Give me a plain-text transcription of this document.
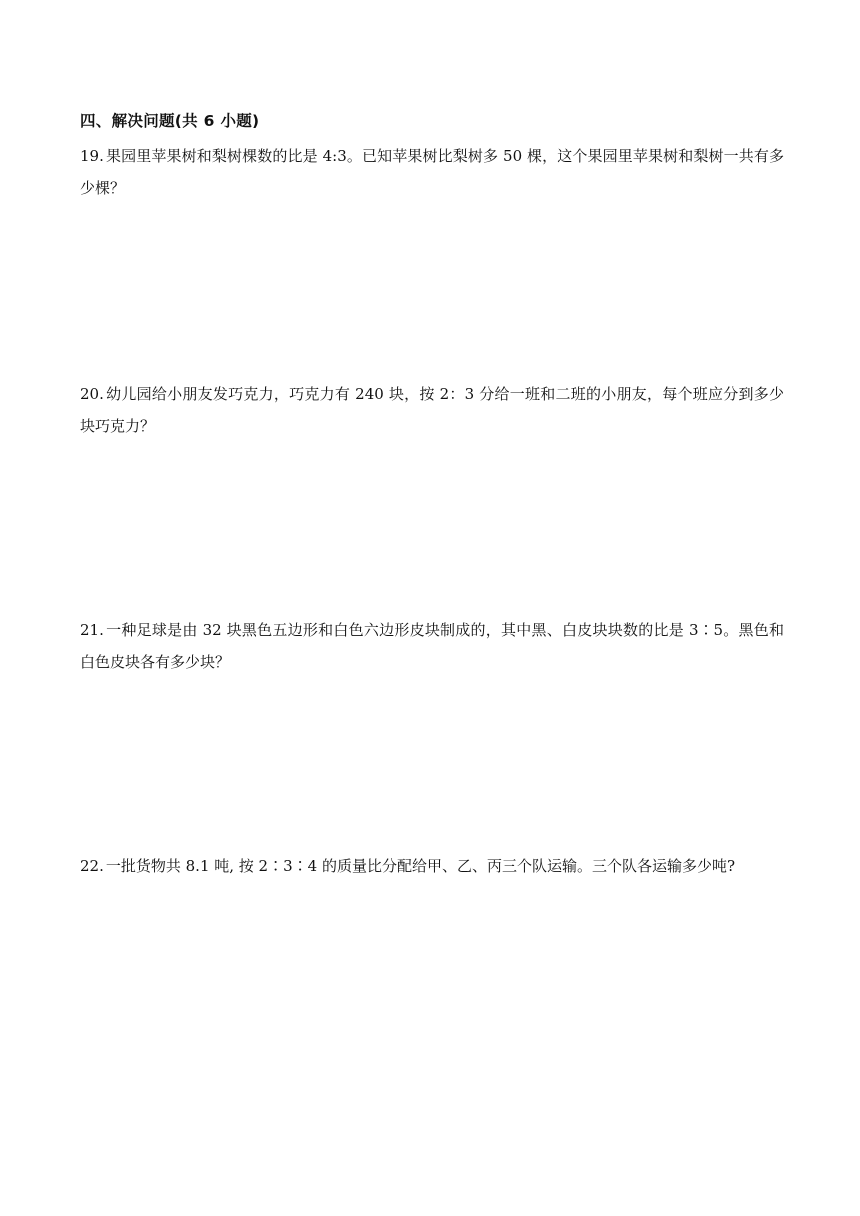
四、解决问题(共 6 小题)
19. 果园里苹果树和梨树棵数的比是 4:3。已知苹果树比梨树多 50 棵，这个果园里苹果树和梨树一共有多少棵？
20. 幼儿园给小朋友发巧克力，巧克力有 240 块，按 2：3 分给一班和二班的小朋友，每个班应分到多少块巧克力？
21. 一种足球是由 32 块黑色五边形和白色六边形皮块制成的，其中黑、白皮块块数的比是 3∶5。黑色和白色皮块各有多少块？
22. 一批货物共 8.1 吨, 按 2∶3∶4 的质量比分配给甲、乙、丙三个队运输。三个队各运输多少吨?
